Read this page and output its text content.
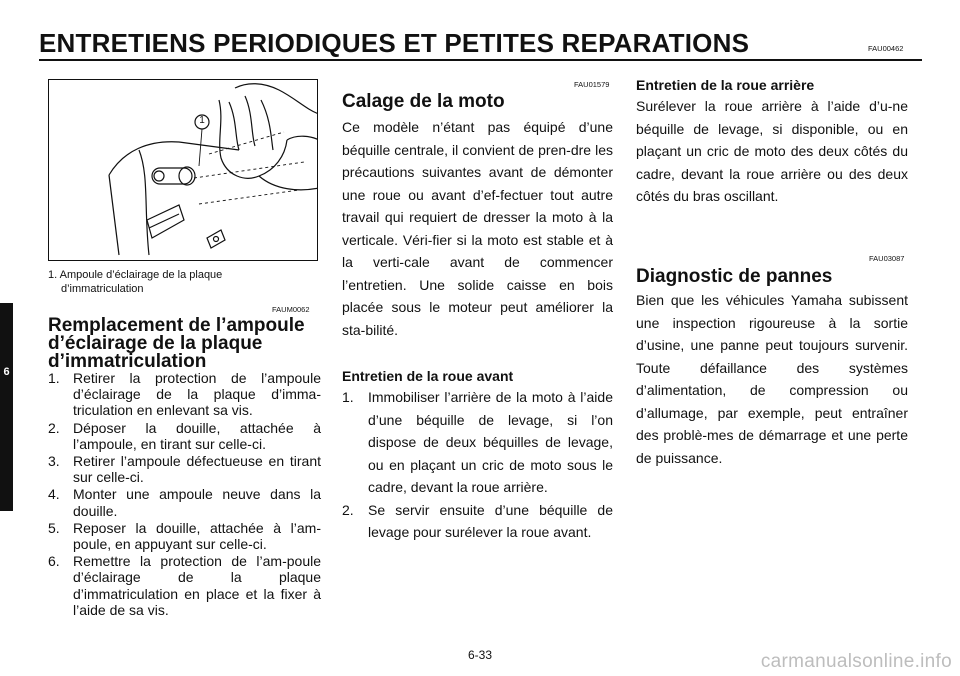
ENTRETIENS PERIODIQUES ET PETITES REPARATIONS	FAU00462
6
1
1. Ampoule d’éclairage de la plaque
d’immatriculation
FAUM0062
Remplacement de l’ampoule
d’éclairage de la plaque
d’immatriculation
1. Retirer la protection de l’ampoule d’éclairage de la plaque d’imma-triculation en enlevant sa vis.
2. Déposer la douille, attachée à l’ampoule, en tirant sur celle-ci.
3. Retirer l’ampoule défectueuse en tirant sur celle-ci.
4. Monter une ampoule neuve dans la douille.
5. Reposer la douille, attachée à l’am-poule, en appuyant sur celle-ci.
6. Remettre la protection de l’am-poule d’éclairage de la plaque d’immatriculation en place et la fixer à l’aide de sa vis.
FAU01579
Calage de la moto
Ce modèle n’étant pas équipé d’une béquille centrale, il convient de pren-dre les précautions suivantes avant de démonter une roue ou avant d’ef-fectuer tout autre travail qui requiert de dresser la moto à la verticale. Véri-fier si la moto est stable et à la verti-cale avant de commencer l’entretien. Une solide caisse en bois placée sous le moteur peut améliorer la sta-bilité.
Entretien de la roue avant
1. Immobiliser l’arrière de la moto à l’aide d’une béquille de levage, si l’on dispose de deux béquilles de levage, ou en plaçant un cric de moto sous le cadre, devant la roue arrière.
2. Se servir ensuite d’une béquille de levage pour surélever la roue avant.
Entretien de la roue arrière
Surélever la roue arrière à l’aide d’u-ne béquille de levage, si disponible, ou en plaçant un cric de moto des deux côtés du cadre, devant la roue arrière ou des deux côtés du bras oscillant.
FAU03087
Diagnostic de pannes
Bien que les véhicules Yamaha subissent une inspection rigoureuse à la sortie d’usine, une panne peut toujours survenir. Toute défaillance des systèmes d’alimentation, de compression ou d’allumage, par exemple, peut entraîner des problè-mes de démarrage et une perte de puissance.
6-33	carmanualsonline.info
